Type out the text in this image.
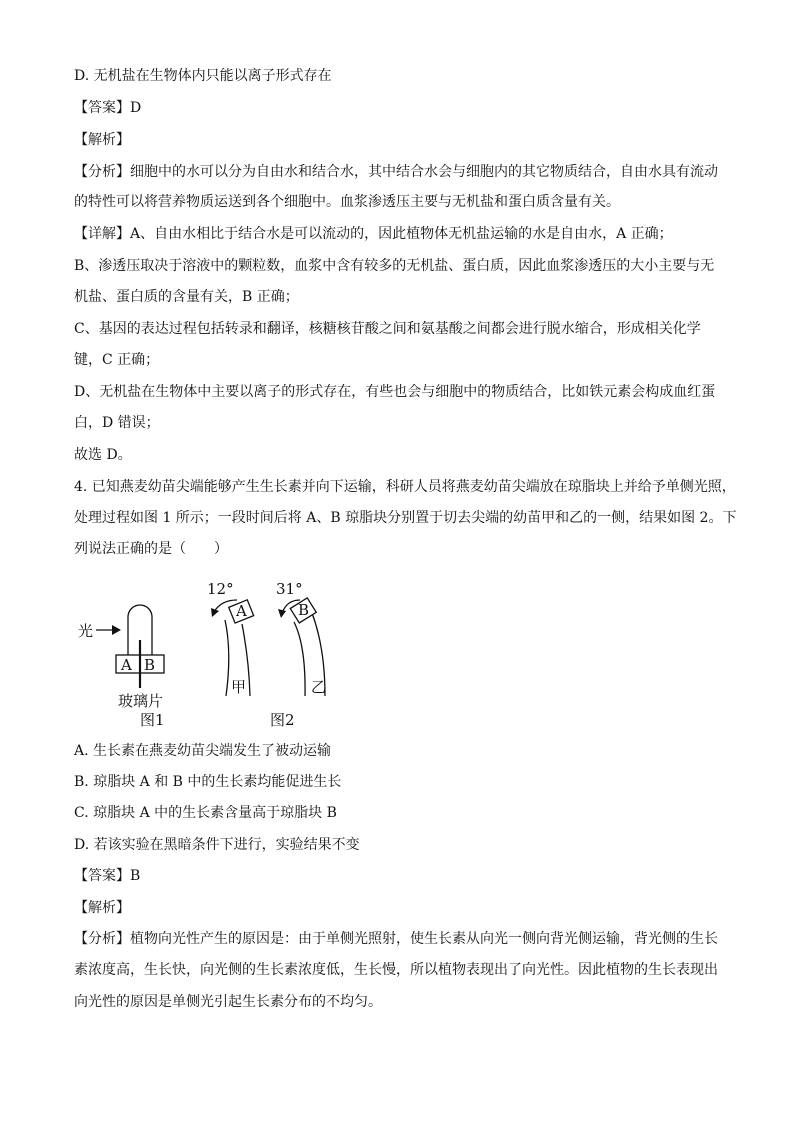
D. 无机盐在生物体内只能以离子形式存在
【答案】D
【解析】
【分析】细胞中的水可以分为自由水和结合水，其中结合水会与细胞内的其它物质结合，自由水具有流动
的特性可以将营养物质运送到各个细胞中。血浆渗透压主要与无机盐和蛋白质含量有关。
【详解】A、自由水相比于结合水是可以流动的，因此植物体无机盐运输的水是自由水，A 正确；
B、渗透压取决于溶液中的颗粒数，血浆中含有较多的无机盐、蛋白质，因此血浆渗透压的大小主要与无
机盐、蛋白质的含量有关，B 正确；
C、基因的表达过程包括转录和翻译，核糖核苷酸之间和氨基酸之间都会进行脱水缩合，形成相关化学
键，C 正确；
D、无机盐在生物体中主要以离子的形式存在，有些也会与细胞中的物质结合，比如铁元素会构成血红蛋
白，D 错误；
故选 D。
4. 已知燕麦幼苗尖端能够产生生长素并向下运输，科研人员将燕麦幼苗尖端放在琼脂块上并给予单侧光照，
处理过程如图 1 所示；一段时间后将 A、B 琼脂块分别置于切去尖端的幼苗甲和乙的一侧，结果如图 2。下
列说法正确的是（　　）
光
A B
玻璃片
图1
12°
A
甲
31°
B
乙
图2
A. 生长素在燕麦幼苗尖端发生了被动运输
B. 琼脂块 A 和 B 中的生长素均能促进生长
C. 琼脂块 A 中的生长素含量高于琼脂块 B
D. 若该实验在黑暗条件下进行，实验结果不变
【答案】B
【解析】
【分析】植物向光性产生的原因是：由于单侧光照射，使生长素从向光一侧向背光侧运输，背光侧的生长
素浓度高，生长快，向光侧的生长素浓度低，生长慢，所以植物表现出了向光性。因此植物的生长表现出
向光性的原因是单侧光引起生长素分布的不均匀。
